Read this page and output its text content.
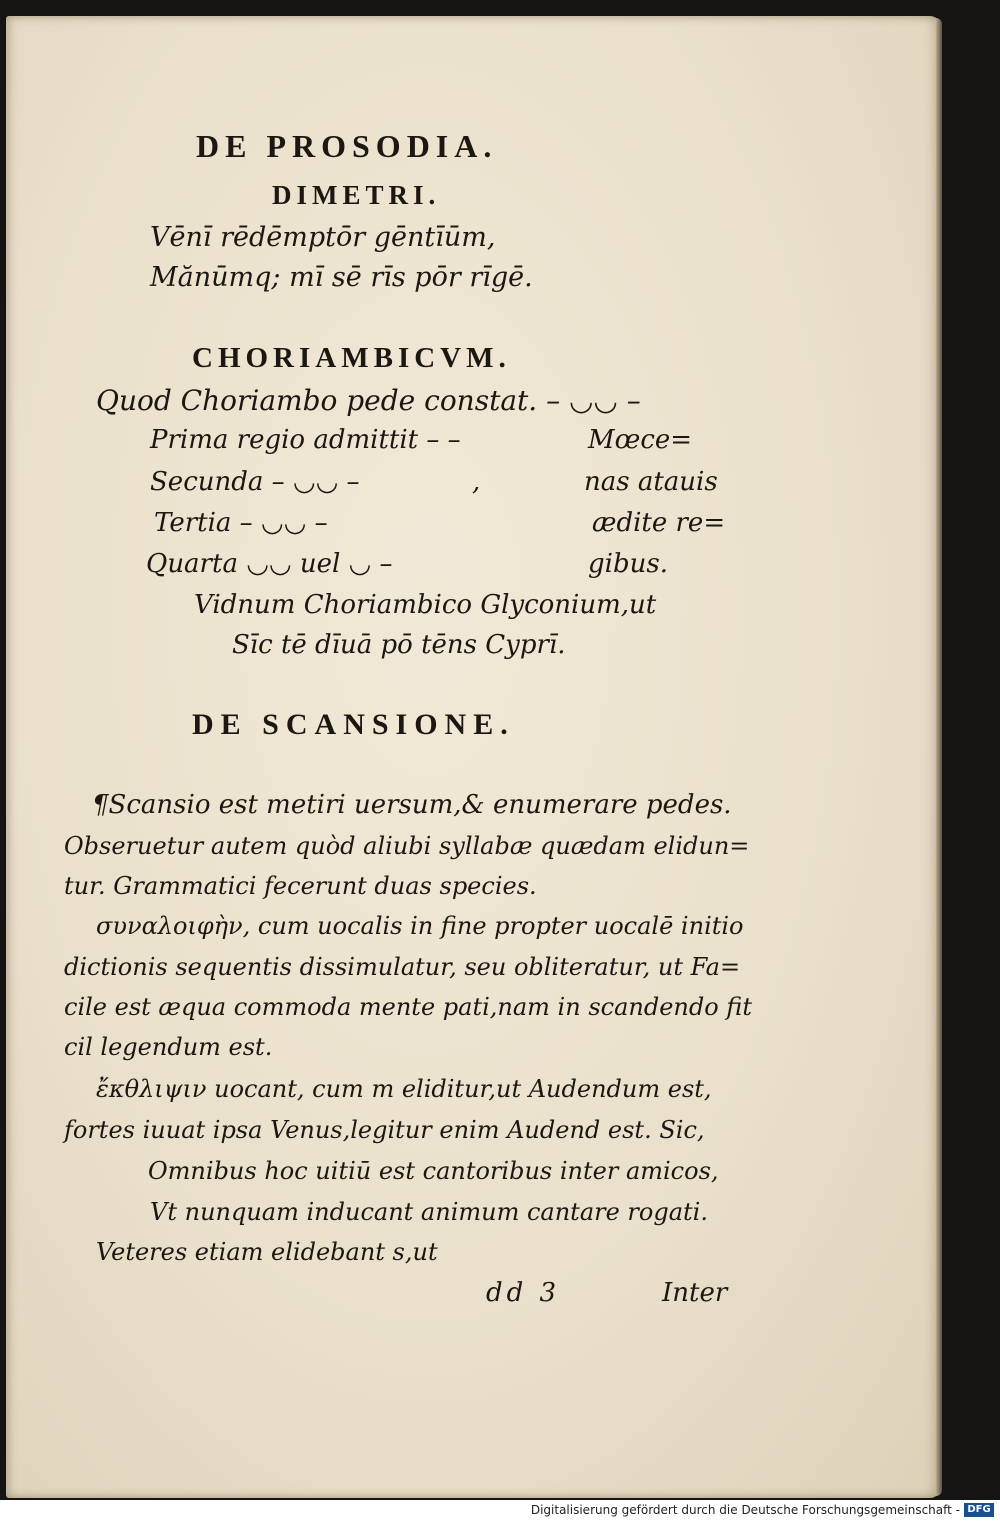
DE PROSODIA.
DIMETRI.
Vēnī rēdēmptōr gēntīūm,
Mănūmq; mī sē rīs pōr rīgē.
CHORIAMBICVM.
Quod Choriambo pede constat. – ◡◡ –
Prima regio admittit – –
Secunda – ◡◡ –
Tertia – ◡◡ –
Quarta ◡◡ uel ◡ –
,
Mœce=
nas atauis
ædite re=
gibus.
Vidnum Choriambico Glyconium,ut
Sīc tē dīuā pō tēns Cyprī.
DE SCANSIONE.
¶Scansio est metiri uersum,& enumerare pedes.
Obseruetur autem quòd aliubi syllabæ quædam elidun=
tur. Grammatici fecerunt duas species.
συναλοιφὴν, cum uocalis in fine propter uocalē initio
dictionis sequentis dissimulatur, seu obliteratur, ut Fa=
cile est æqua commoda mente pati,nam in scandendo fit
cil legendum est.
ἔκθλιψιν uocant, cum m eliditur,ut Audendum est,
fortes iuuat ipsa Venus,legitur enim Audend est. Sic,
Omnibus hoc uitiū est cantoribus inter amicos,
Vt nunquam inducant animum cantare rogati.
Veteres etiam elidebant s,ut
dd 3	Inter
Digitalisierung gefördert durch die Deutsche Forschungsgemeinschaft - DFG
